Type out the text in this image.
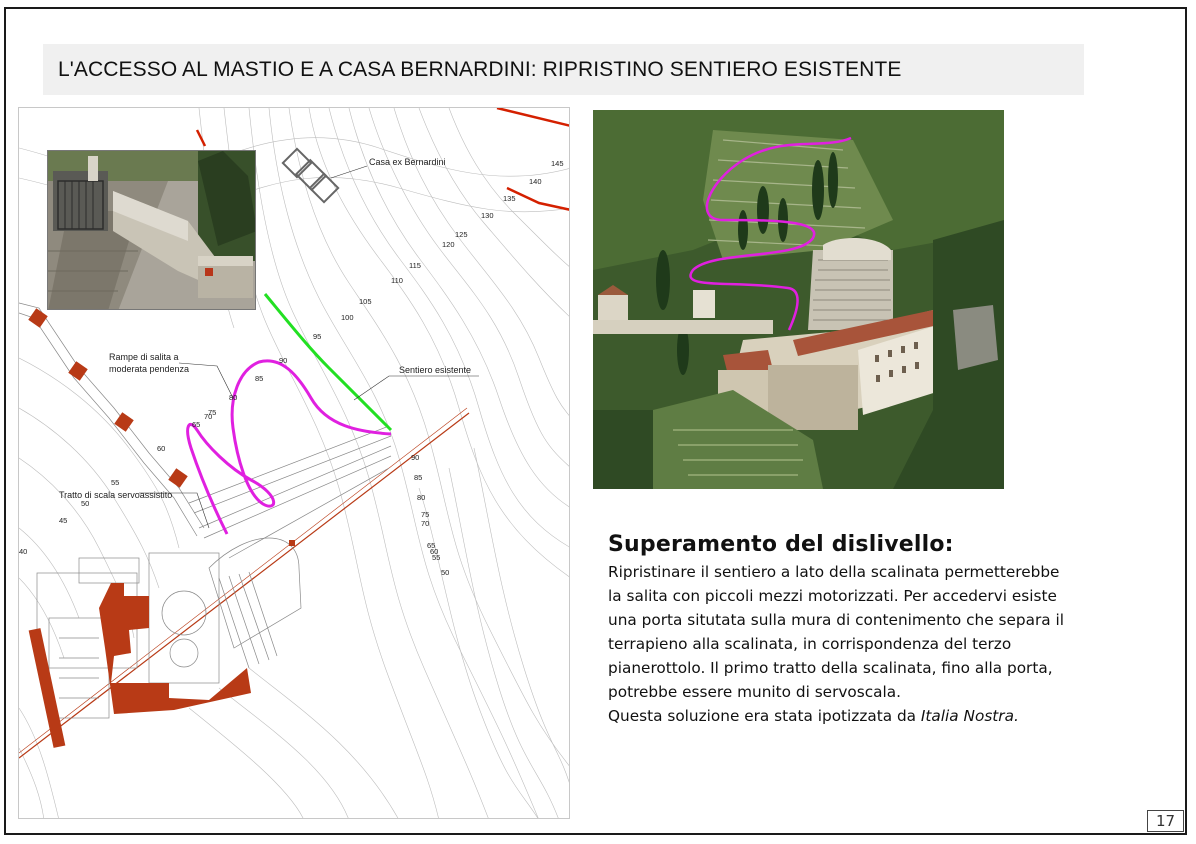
L'ACCESSO AL MASTIO E A CASA BERNARDINI: RIPRISTINO SENTIERO ESISTENTE
Casa ex Bernardini
Rampe di salita a
moderata pendenza	Sentiero esistente
Tratto di scala servoassistito
145
140
135
130
125
120
115
110
105
100
95
90
85
80
75
70
65
60
55
50
45
40
90
85
80
75
70
65
60
55
50
Superamento del dislivello:
Ripristinare il sentiero a lato della scalinata permetterebbe
la salita con piccoli mezzi motorizzati. Per accedervi esiste
una porta situtata sulla mura di contenimento che separa il
terrapieno alla scalinata, in corrispondenza del terzo
pianerottolo. Il primo tratto della scalinata, fino alla porta,
potrebbe essere munito di servoscala.
Questa soluzione era stata ipotizzata da Italia Nostra.
17
